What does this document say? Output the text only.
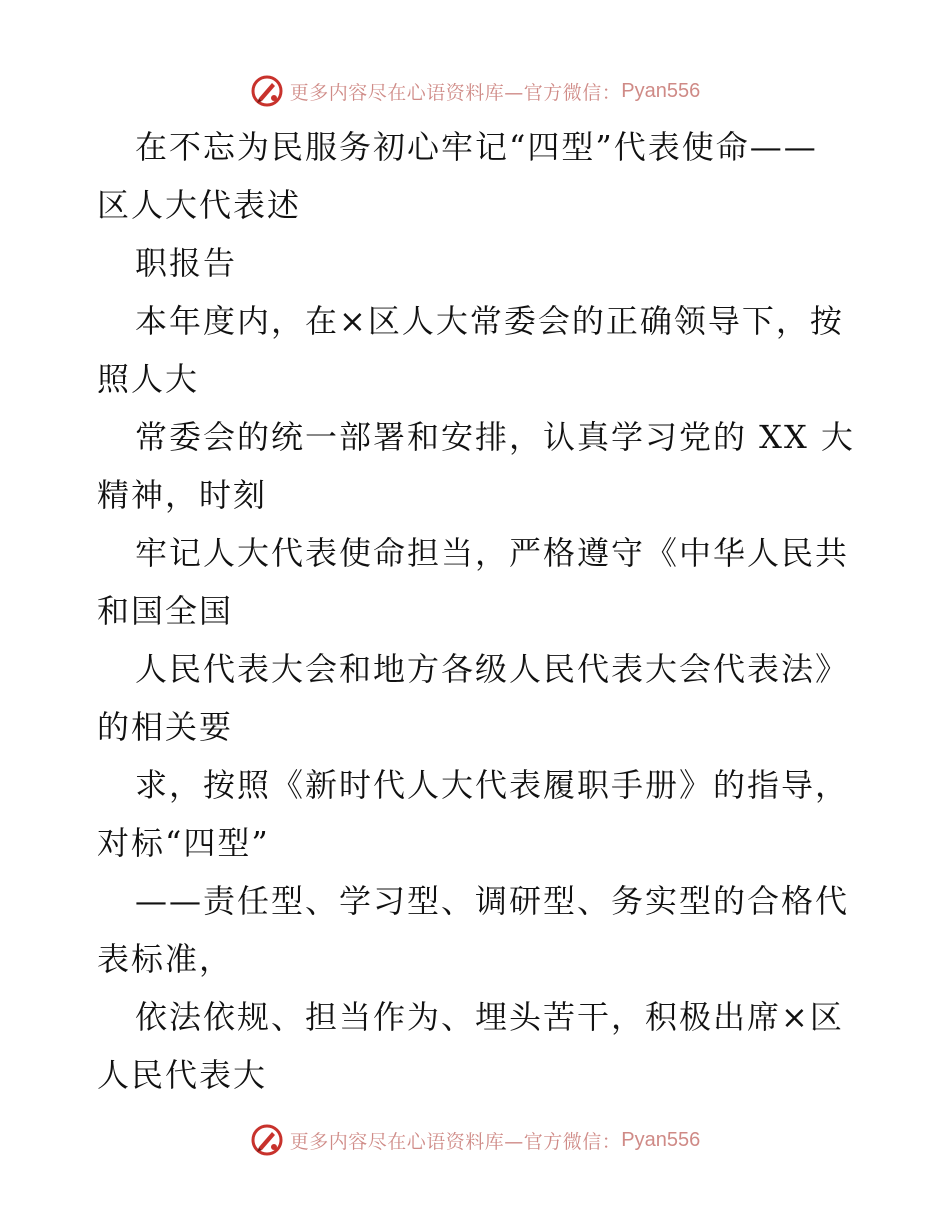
更多内容尽在心语资料库—官方微信： Pyan556
在不忘为民服务初心牢记“四型”代表使命——
区人大代表述
职报告
本年度内，在×区人大常委会的正确领导下，按
照人大
常委会的统一部署和安排，认真学习党的 XX 大
精神，时刻
牢记人大代表使命担当，严格遵守《中华人民共
和国全国
人民代表大会和地方各级人民代表大会代表法》
的相关要
求，按照《新时代人大代表履职手册》的指导，
对标“四型”
——责任型、学习型、调研型、务实型的合格代
表标准，
依法依规、担当作为、埋头苦干，积极出席×区
人民代表大
更多内容尽在心语资料库—官方微信： Pyan556
